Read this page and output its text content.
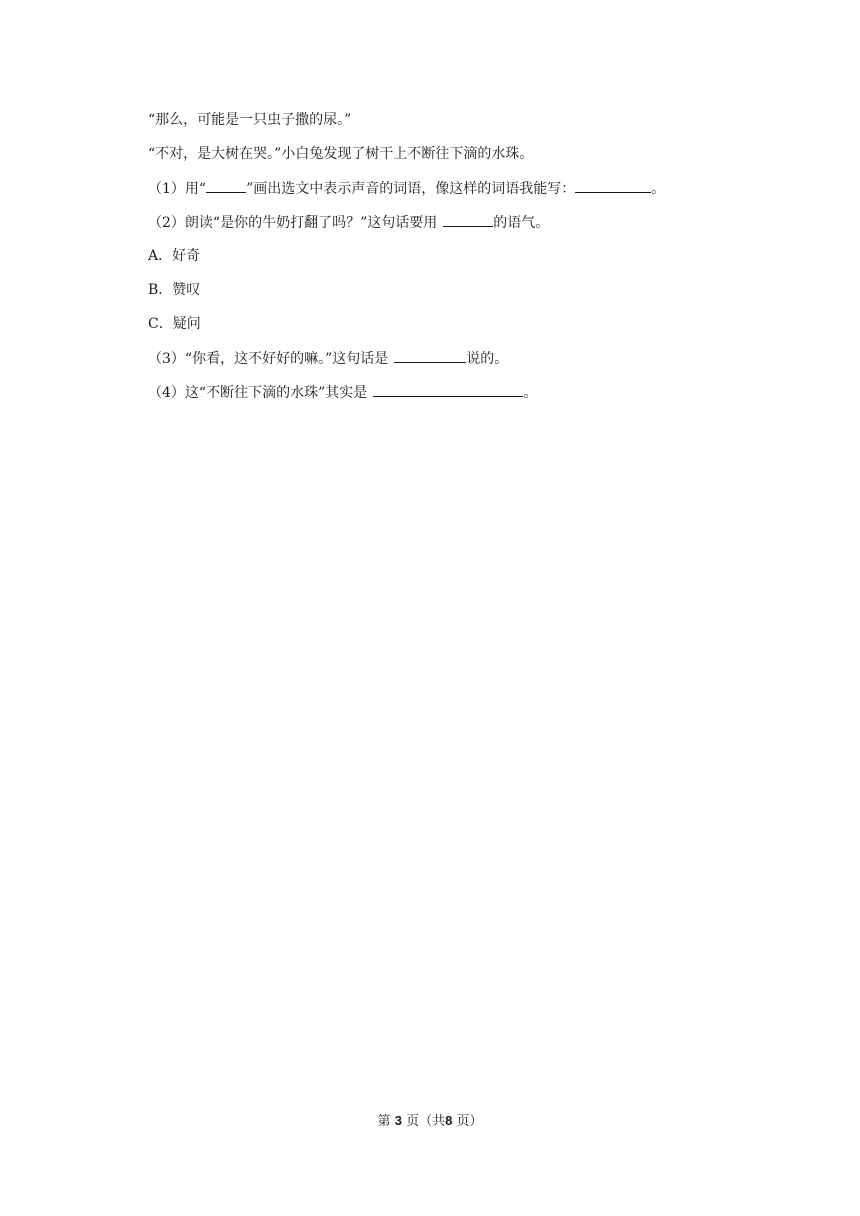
“那么，可能是一只虫子撒的尿。”
“不对，是大树在哭。”小白兔发现了树干上不断往下滴的水珠。
（1）用“	”画出选文中表示声音的词语，像这样的词语我能写：	。
（2）朗读“是你的牛奶打翻了吗？”这句话要用	的语气。
A．好奇
B．赞叹
C．疑问
（3）“你看，这不好好的嘛。”这句话是	说的。
（4）这“不断往下滴的水珠”其实是	。
第 3 页（共8 页）
